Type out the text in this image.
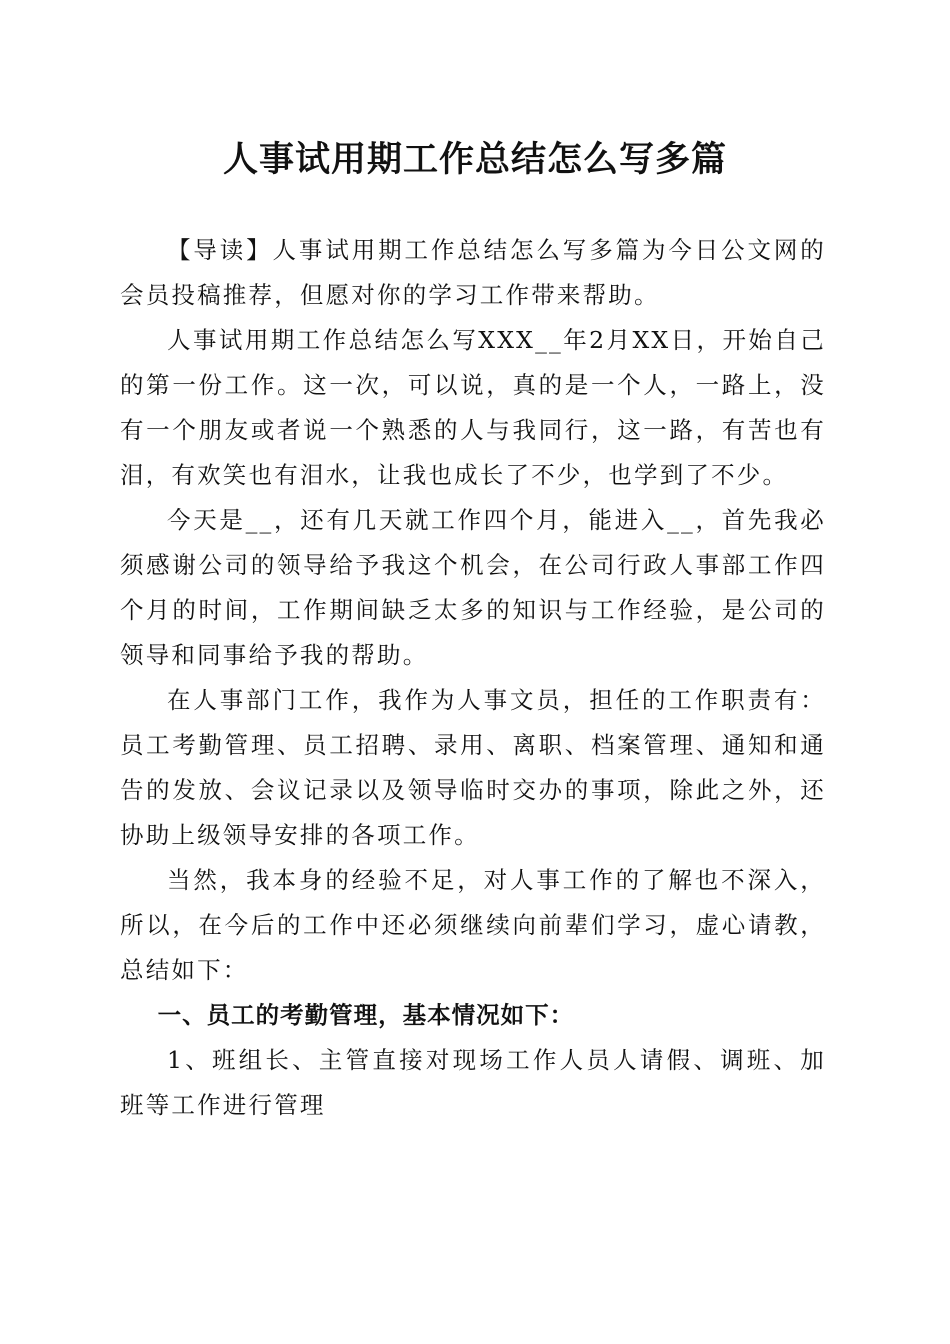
人事试用期工作总结怎么写多篇

【导读】人事试用期工作总结怎么写多篇为今日公文网的会员投稿推荐，但愿对你的学习工作带来帮助。

人事试用期工作总结怎么写XXX__年2月XX日，开始自己的第一份工作。这一次，可以说，真的是一个人，一路上，没有一个朋友或者说一个熟悉的人与我同行，这一路，有苦也有泪，有欢笑也有泪水，让我也成长了不少，也学到了不少。

今天是__，还有几天就工作四个月，能进入__，首先我必须感谢公司的领导给予我这个机会，在公司行政人事部工作四个月的时间，工作期间缺乏太多的知识与工作经验，是公司的领导和同事给予我的帮助。

在人事部门工作，我作为人事文员，担任的工作职责有：员工考勤管理、员工招聘、录用、离职、档案管理、通知和通告的发放、会议记录以及领导临时交办的事项，除此之外，还协助上级领导安排的各项工作。

当然，我本身的经验不足，对人事工作的了解也不深入，所以，在今后的工作中还必须继续向前辈们学习，虚心请教，总结如下：

一、员工的考勤管理，基本情况如下：

1、班组长、主管直接对现场工作人员人请假、调班、加班等工作进行管理
